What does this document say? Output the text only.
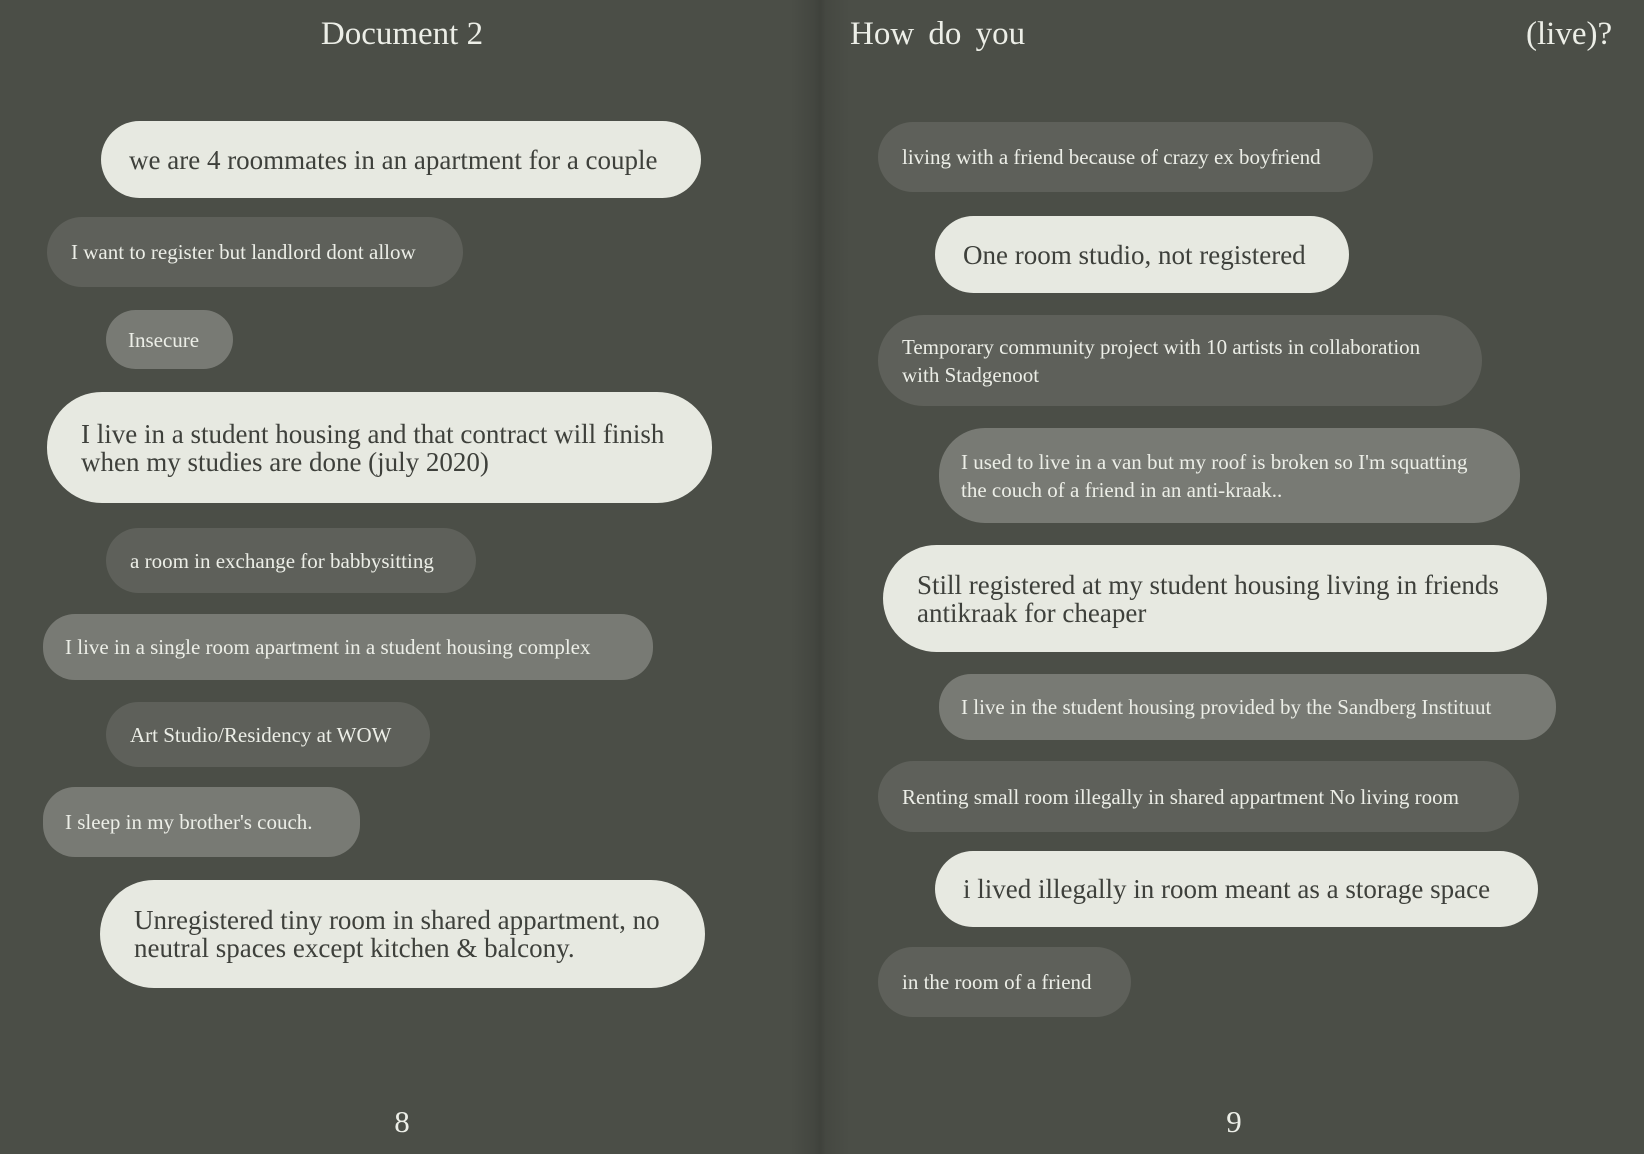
Document 2	How do you	(live)?
we are 4 roommates in an apartment for a couple
I want to register but landlord dont allow
Insecure
I live in a student housing and that contract will finish
when my studies are done (july 2020)
a room in exchange for babbysitting
I live in a single room apartment in a student housing complex
Art Studio/Residency at WOW
I sleep in my brother's couch.
Unregistered tiny room in shared appartment, no
neutral spaces except kitchen & balcony.
living with a friend because of crazy ex boyfriend
One room studio, not registered
Temporary community project with 10 artists in collaboration
with Stadgenoot
I used to live in a van but my roof is broken so I'm squatting
the couch of a friend in an anti-kraak..
Still registered at my student housing living in friends
antikraak for cheaper
I live in the student housing provided by the Sandberg Instituut
Renting small room illegally in shared appartment No living room
i lived illegally in room meant as a storage space
in the room of a friend
8	9
